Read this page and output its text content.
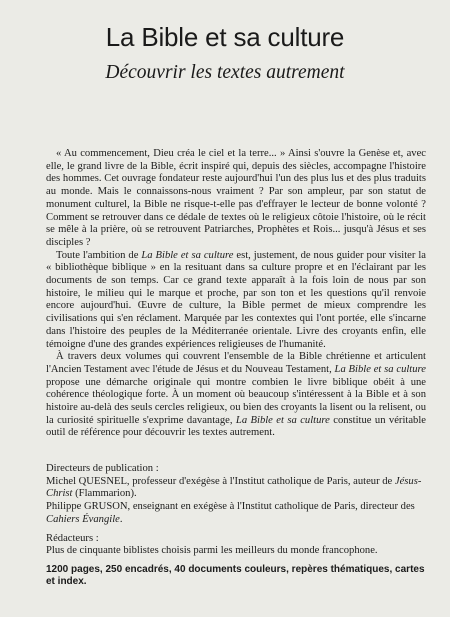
La Bible et sa culture
Découvrir les textes autrement

« Au commencement, Dieu créa le ciel et la terre... » Ainsi s'ouvre la Genèse et, avec elle, le grand livre de la Bible, écrit inspiré qui, depuis des siècles, accompagne l'histoire des hommes. Cet ouvrage fondateur reste aujourd'hui l'un des plus lus et des plus traduits au monde. Mais le connaissons-nous vraiment ? Par son ampleur, par son statut de monument culturel, la Bible ne risque-t-elle pas d'effrayer le lecteur de bonne volonté ? Comment se retrouver dans ce dédale de textes où le religieux côtoie l'histoire, où le récit se mêle à la prière, où se retrouvent Patriarches, Prophètes et Rois... jusqu'à Jésus et ses disciples ?

Toute l'ambition de La Bible et sa culture est, justement, de nous guider pour visiter la « bibliothèque biblique » en la resituant dans sa culture propre et en l'éclairant par les documents de son temps. Car ce grand texte apparaît à la fois loin de nous par son histoire, le milieu qui le marque et proche, par son ton et les questions qu'il renvoie encore aujourd'hui. Œuvre de culture, la Bible permet de mieux comprendre les civilisations qui s'en réclament. Marquée par les contextes qui l'ont portée, elle s'incarne dans l'histoire des peuples de la Méditerranée orientale. Livre des croyants enfin, elle témoigne d'une des grandes expériences religieuses de l'humanité.

À travers deux volumes qui couvrent l'ensemble de la Bible chrétienne et articulent l'Ancien Testament avec l'étude de Jésus et du Nouveau Testament, La Bible et sa culture propose une démarche originale qui montre combien le livre biblique obéit à une cohérence théologique forte. À un moment où beaucoup s'intéressent à la Bible et à son histoire au-delà des seuls cercles religieux, ou bien des croyants la lisent ou la relisent, ou la curiosité spirituelle s'exprime davantage, La Bible et sa culture constitue un véritable outil de référence pour découvrir les textes autrement.

Directeurs de publication :
Michel QUESNEL, professeur d'exégèse à l'Institut catholique de Paris, auteur de Jésus-Christ (Flammarion).
Philippe GRUSON, enseignant en exégèse à l'Institut catholique de Paris, directeur des Cahiers Évangile.
Rédacteurs :
Plus de cinquante biblistes choisis parmi les meilleurs du monde francophone.
1200 pages, 250 encadrés, 40 documents couleurs, repères thématiques, cartes et index.
